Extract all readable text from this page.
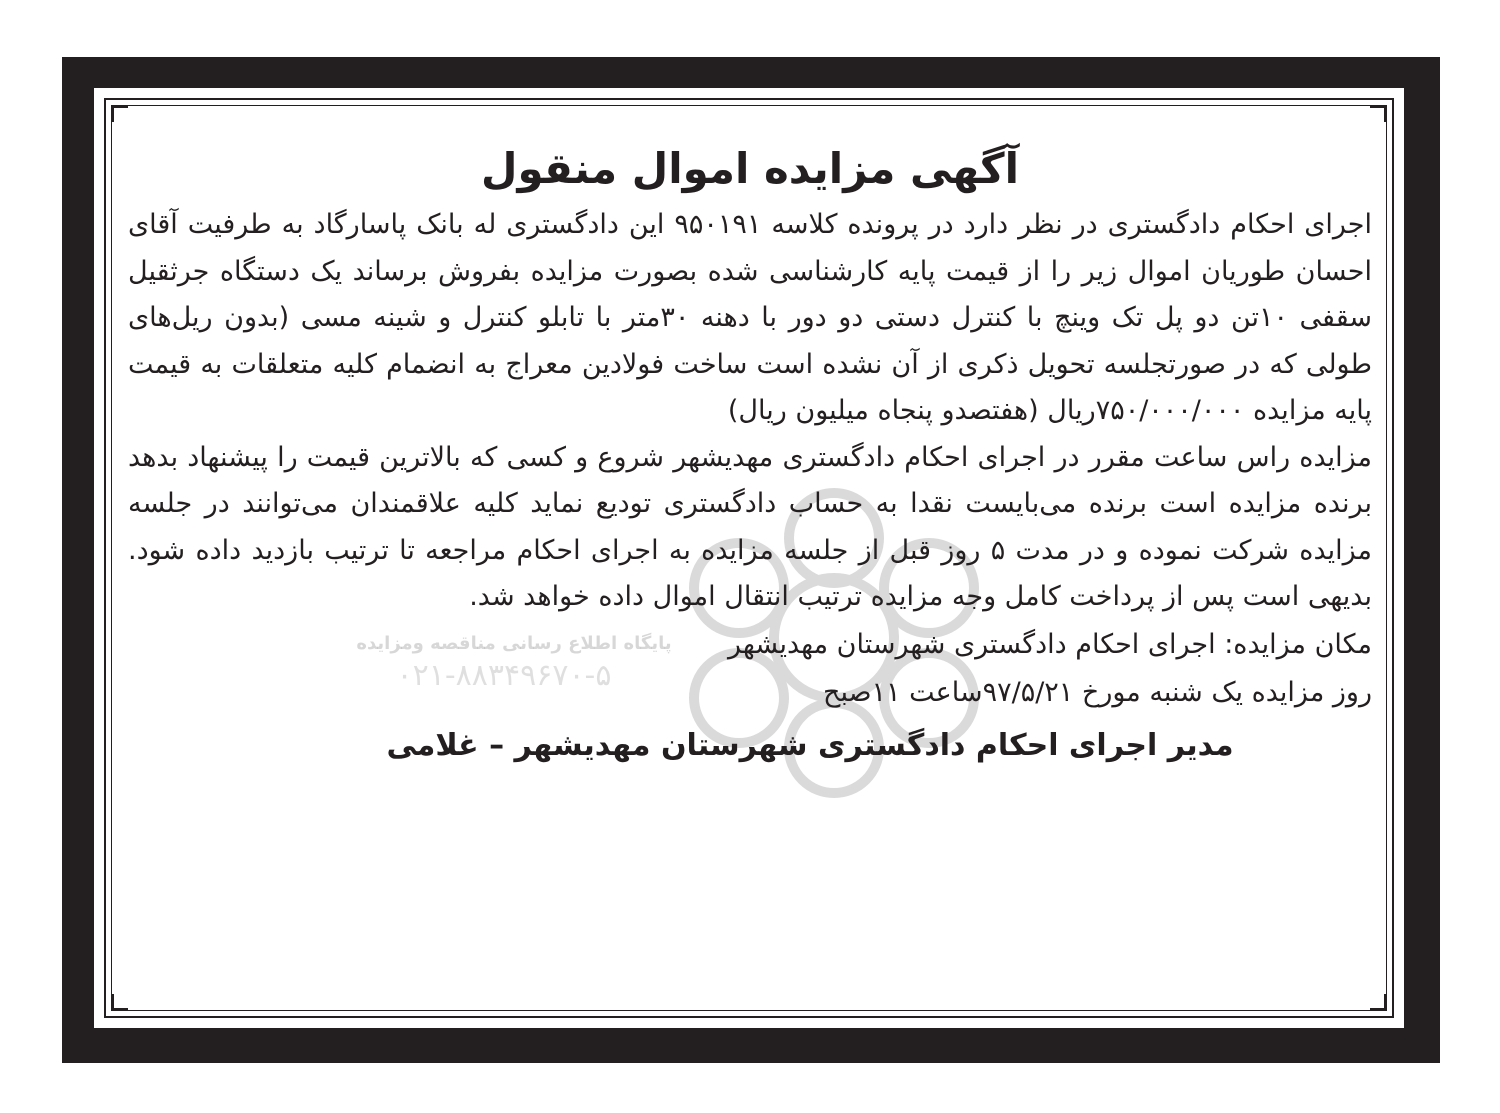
پایگاه اطلاع رسانی مناقصه ومزایده
۰۲۱-۸۸۳۴۹۶۷۰-۵
آگهی مزایده اموال منقول

اجرای احکام دادگستری در نظر دارد در پرونده کلاسه ۹۵۰۱۹۱ این دادگستری له بانک پاسارگاد به طرفیت آقای احسان طوریان اموال زیر را از قیمت پایه کارشناسی شده بصورت مزایده بفروش برساند یک دستگاه جرثقیل سقفی ۱۰تن دو پل تک وینچ با کنترل دستی دو دور با دهنه ۳۰متر با تابلو کنترل و شینه مسی (بدون ریل‌های طولی که در صورتجلسه تحویل ذکری از آن نشده است ساخت فولادین معراج به انضمام کلیه متعلقات به قیمت پایه مزایده ۷۵۰/۰۰۰/۰۰۰ریال (هفتصدو پنجاه میلیون ریال)

مزایده راس ساعت مقرر در اجرای احکام دادگستری مهدیشهر شروع و کسی که بالاترین قیمت را پیشنهاد بدهد برنده مزایده است برنده می‌بایست نقدا به حساب دادگستری تودیع نماید کلیه علاقمندان می‌توانند در جلسه مزایده شرکت نموده و در مدت ۵ روز قبل از جلسه مزایده به اجرای احکام مراجعه تا ترتیب بازدید داده شود. بدیهی است پس از پرداخت کامل وجه مزایده ترتیب انتقال اموال داده خواهد شد.

مکان مزایده: اجرای احکام دادگستری شهرستان مهدیشهر

روز مزایده یک شنبه مورخ ۹۷/۵/۲۱ساعت ۱۱صبح

مدیر اجرای احکام دادگستری شهرستان مهدیشهر – غلامی
